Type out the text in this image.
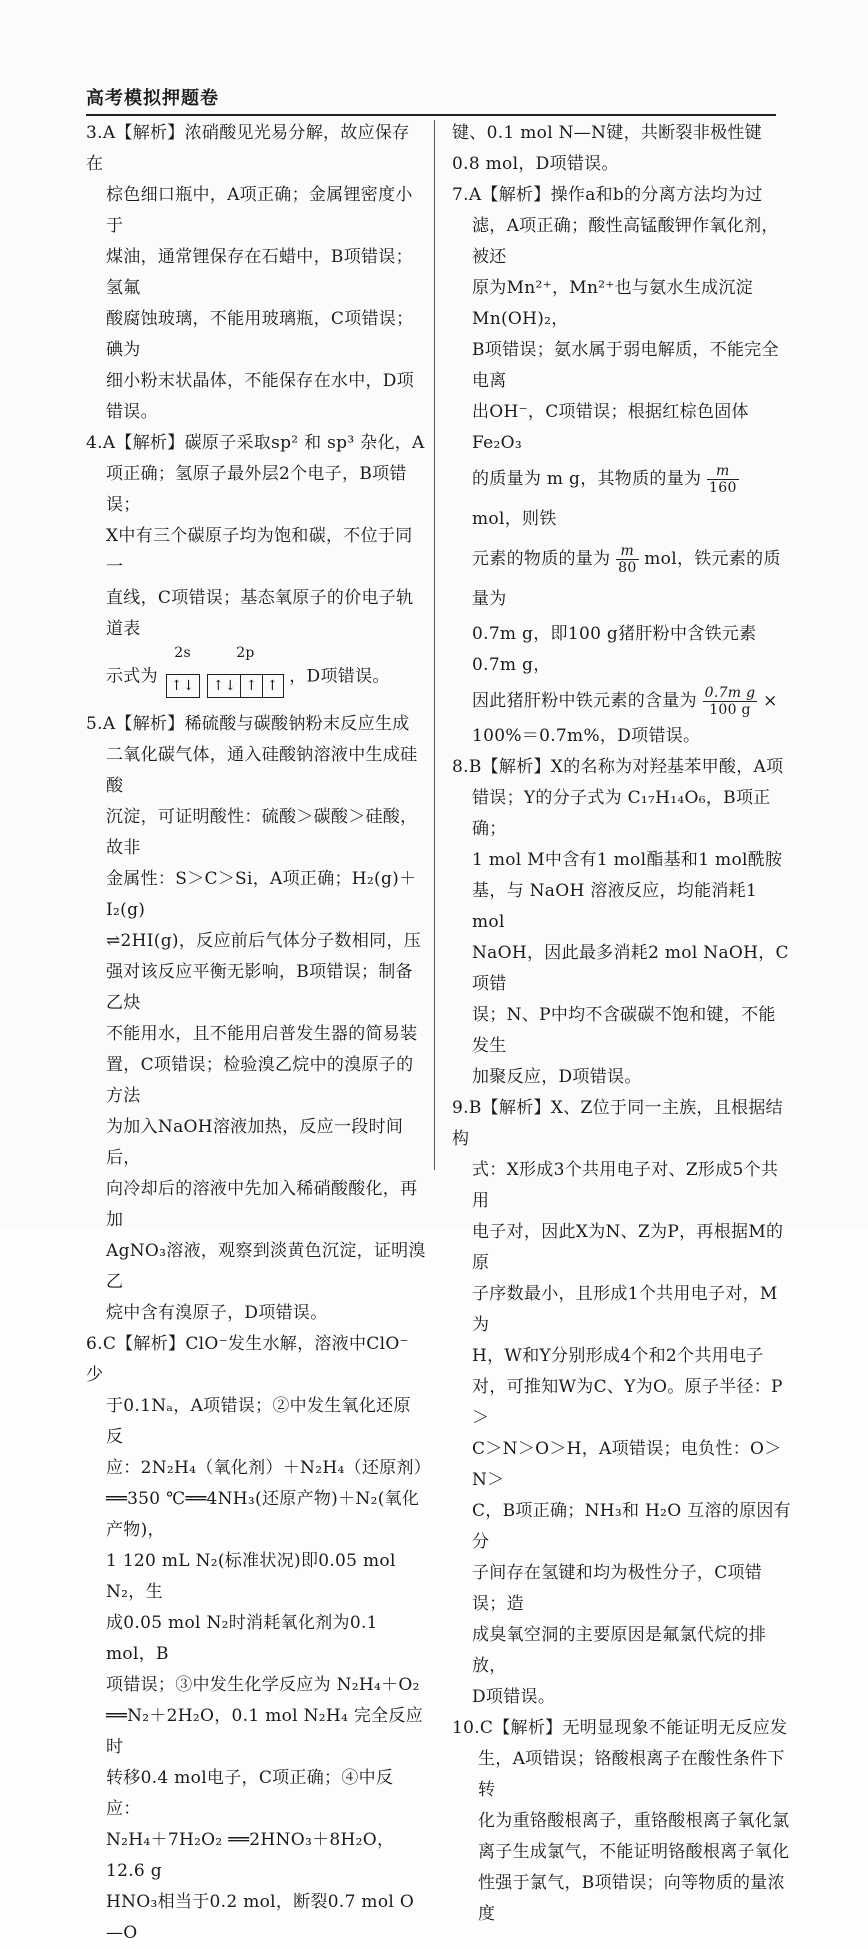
高考模拟押题卷

3.A【解析】浓硝酸见光易分解，故应保存在

棕色细口瓶中，A项正确；金属锂密度小于

煤油，通常锂保存在石蜡中，B项错误；氢氟

酸腐蚀玻璃，不能用玻璃瓶，C项错误；碘为

细小粉末状晶体，不能保存在水中，D项

错误。

4.A【解析】碳原子采取sp² 和 sp³ 杂化，A

项正确；氢原子最外层2个电子，B项错误；

X中有三个碳原子均为饱和碳，不位于同一

直线，C项错误；基态氧原子的价电子轨道表

示式为
2s
↑↓
2p
↑↓ ↑ ↑ ，D项错误。

5.A【解析】稀硫酸与碳酸钠粉末反应生成

二氧化碳气体，通入硅酸钠溶液中生成硅酸

沉淀，可证明酸性：硫酸＞碳酸＞硅酸，故非

金属性：S＞C＞Si，A项正确；H₂(g)＋I₂(g)

⇌2HI(g)，反应前后气体分子数相同，压

强对该反应平衡无影响，B项错误；制备乙炔

不能用水，且不能用启普发生器的简易装

置，C项错误；检验溴乙烷中的溴原子的方法

为加入NaOH溶液加热，反应一段时间后，

向冷却后的溶液中先加入稀硝酸酸化，再加

AgNO₃溶液，观察到淡黄色沉淀，证明溴乙

烷中含有溴原子，D项错误。

6.C【解析】ClO⁻发生水解，溶液中ClO⁻少

于0.1Nₐ，A项错误；②中发生氧化还原反

应：2N₂H₄（氧化剂）＋N₂H₄（还原剂）

══350 ℃══4NH₃(还原产物)＋N₂(氧化产物)，

1 120 mL N₂(标准状况)即0.05 mol N₂，生

成0.05 mol N₂时消耗氧化剂为0.1 mol，B

项错误；③中发生化学反应为 N₂H₄＋O₂

══N₂＋2H₂O，0.1 mol N₂H₄ 完全反应时

转移0.4 mol电子，C项正确；④中反应：

N₂H₄＋7H₂O₂ ══2HNO₃＋8H₂O，12.6 g

HNO₃相当于0.2 mol，断裂0.7 mol O—O

键、0.1 mol N—N键，共断裂非极性键

0.8 mol，D项错误。

7.A【解析】操作a和b的分离方法均为过

滤，A项正确；酸性高锰酸钾作氧化剂，被还

原为Mn²⁺，Mn²⁺也与氨水生成沉淀Mn(OH)₂，

B项错误；氨水属于弱电解质，不能完全电离

出OH⁻，C项错误；根据红棕色固体Fe₂O₃

的质量为 m g，其物质的量为 $\frac{m}{160}$
mol，则铁

元素的物质的量为 $\frac{m}{80}$ mol，铁元素的质量为

0.7m g，即100 g猪肝粉中含铁元素0.7m g，

因此猪肝粉中铁元素的含量为 $\frac{\text{0.7m g}}{100 g}$ ×

100%＝0.7m%，D项错误。

8.B【解析】X的名称为对羟基苯甲酸，A项

错误；Y的分子式为 C₁₇H₁₄O₆，B项正确；

1 mol M中含有1 mol酯基和1 mol酰胺

基，与 NaOH 溶液反应，均能消耗1 mol

NaOH，因此最多消耗2 mol NaOH，C项错

误；N、P中均不含碳碳不饱和键，不能发生

加聚反应，D项错误。

9.B【解析】X、Z位于同一主族，且根据结构

式：X形成3个共用电子对、Z形成5个共用

电子对，因此X为N、Z为P，再根据M的原

子序数最小，且形成1个共用电子对，M为

H，W和Y分别形成4个和2个共用电子

对，可推知W为C、Y为O。原子半径：P＞

C＞N＞O＞H，A项错误；电负性：O＞N＞

C，B项正确；NH₃和 H₂O 互溶的原因有分

子间存在氢键和均为极性分子，C项错误；造

成臭氧空洞的主要原因是氟氯代烷的排放，

D项错误。

10.C【解析】无明显现象不能证明无反应发

生，A项错误；铬酸根离子在酸性条件下转

化为重铬酸根离子，重铬酸根离子氧化氯

离子生成氯气，不能证明铬酸根离子氧化

性强于氯气，B项错误；向等物质的量浓度
